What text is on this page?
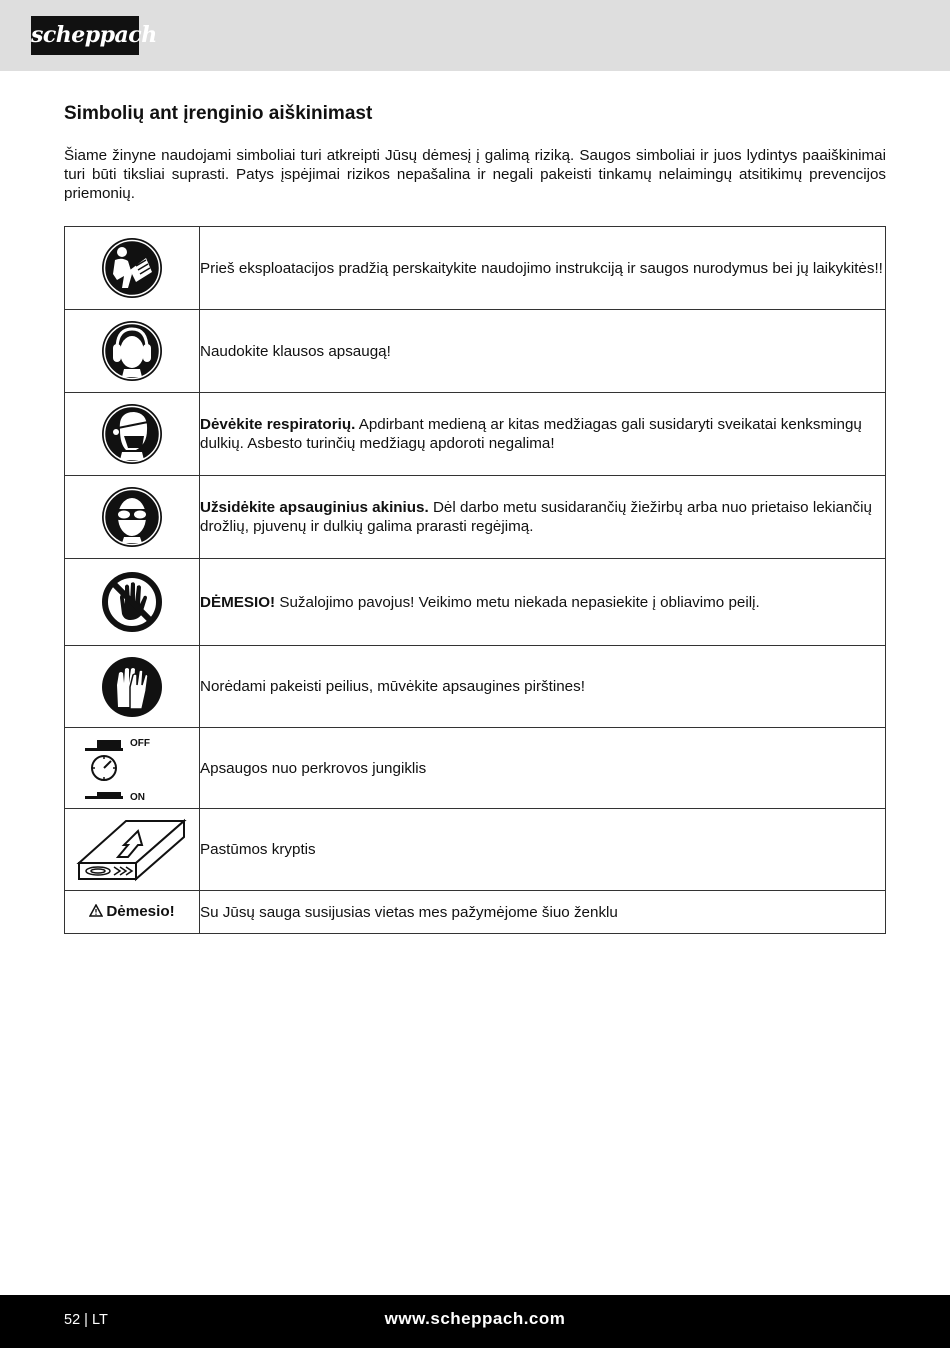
scheppach
Simbolių ant įrenginio aiškinimast

Šiame žinyne naudojami simboliai turi atkreipti Jūsų dėmesį į galimą riziką. Saugos simboliai ir juos lydintys paaiškinimai turi būti tiksliai suprasti. Patys įspėjimai rizikos nepašalina ir negali pakeisti tinkamų nelaimingų atsitikimų prevencijos priemonių.

	Prieš eksploatacijos pradžią perskaitykite naudojimo instrukciją ir saugos nurodymus bei jų laikykitės!!

	Naudokite klausos apsaugą!

	Dėvėkite respiratorių. Apdirbant medieną ar kitas medžiagas gali susidaryti sveikatai kenksmingų dulkių. Asbesto turinčių medžiagų apdoroti negalima!

	Užsidėkite apsauginius akinius. Dėl darbo metu susidarančių žiežirbų arba nuo prietaiso lekiančių drožlių, pjuvenų ir dulkių galima prarasti regėjimą.

	DĖMESIO! Sužalojimo pavojus! Veikimo metu niekada nepasiekite į obliavimo peilį.

	Norėdami pakeisti peilius, mūvėkite apsaugines pirštines!

OFF
ON	Apsaugos nuo perkrovos jungiklis

	Pastūmos kryptis
Dėmesio!	Su Jūsų sauga susijusias vietas mes pažymėjome šiuo ženklu
52 | LT	www.scheppach.com
